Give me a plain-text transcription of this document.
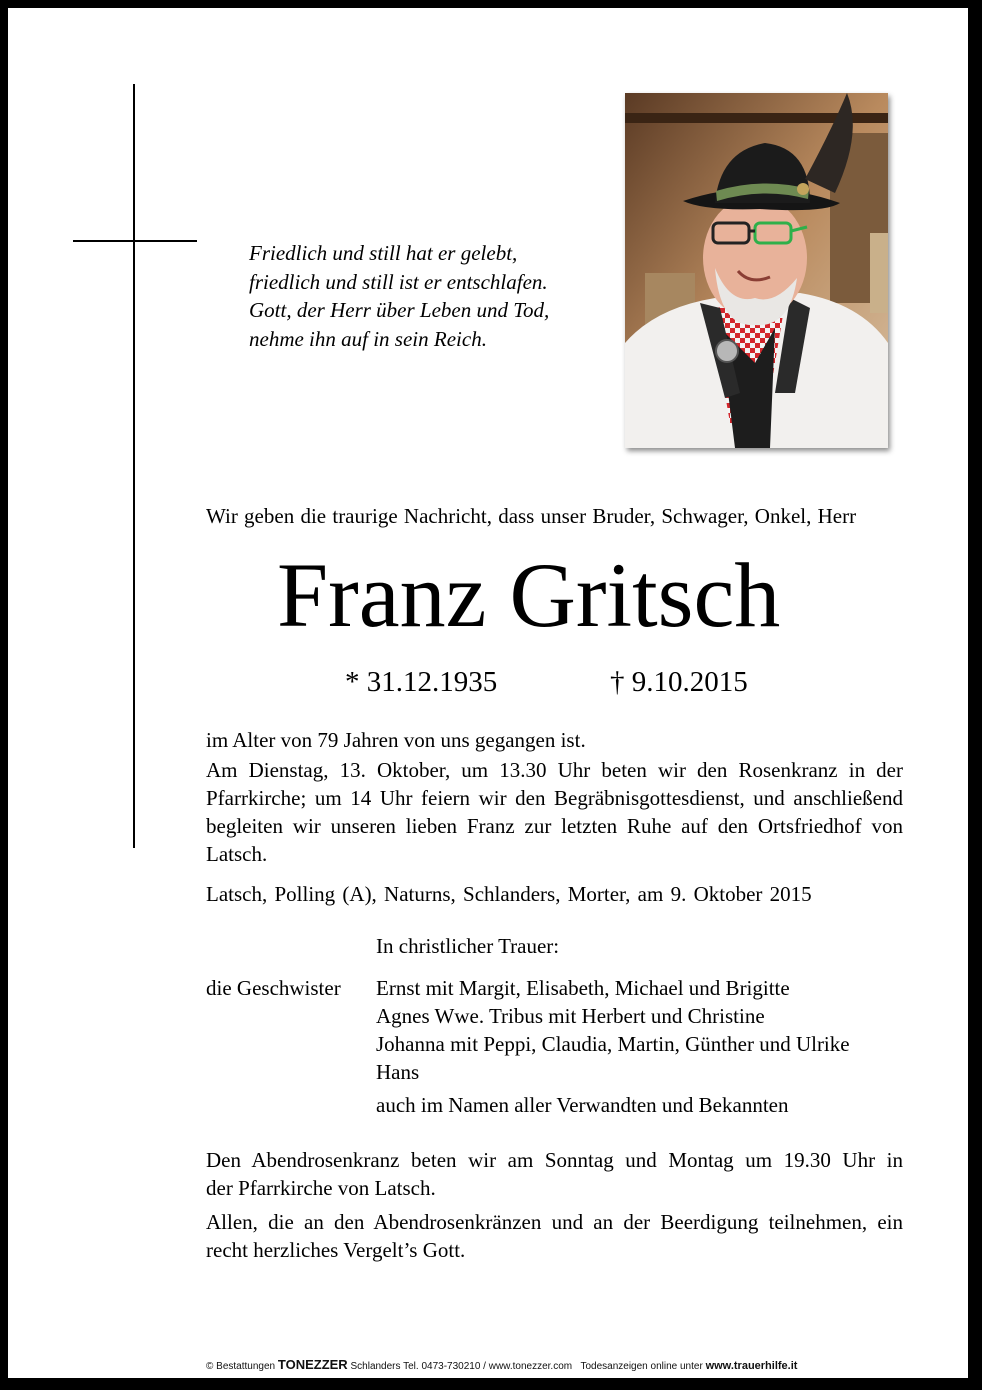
Friedlich und still hat er gelebt,
friedlich und still ist er entschlafen.
Gott, der Herr über Leben und Tod,
nehme ihn auf in sein Reich.
Wir geben die traurige Nachricht, dass unser Bruder, Schwager, Onkel, Herr
Franz Gritsch
* 31.12.1935	† 9.10.2015
im Alter von 79 Jahren von uns gegangen ist.
Am Dienstag, 13. Oktober, um 13.30 Uhr beten wir den Rosenkranz in der
Pfarrkirche; um 14 Uhr feiern wir den Begräbnisgottesdienst, und anschließend
begleiten wir unseren lieben Franz zur letzten Ruhe auf den Ortsfriedhof von
Latsch.
Latsch, Polling (A), Naturns, Schlanders, Morter, am 9. Oktober 2015
In christlicher Trauer:
die Geschwister Ernst mit Margit, Elisabeth, Michael und Brigitte
Agnes Wwe. Tribus mit Herbert und Christine
Johanna mit Peppi, Claudia, Martin, Günther und Ulrike
Hans
auch im Namen aller Verwandten und Bekannten
Den Abendrosenkranz beten wir am Sonntag und Montag um 19.30 Uhr in
der Pfarrkirche von Latsch.
Allen, die an den Abendrosenkränzen und an der Beerdigung teilnehmen, ein
recht herzliches Vergelt’s Gott.
© Bestattungen TONEZZER Schlanders Tel. 0473-730210 / www.tonezzer.com Todesanzeigen online unter www.trauerhilfe.it
